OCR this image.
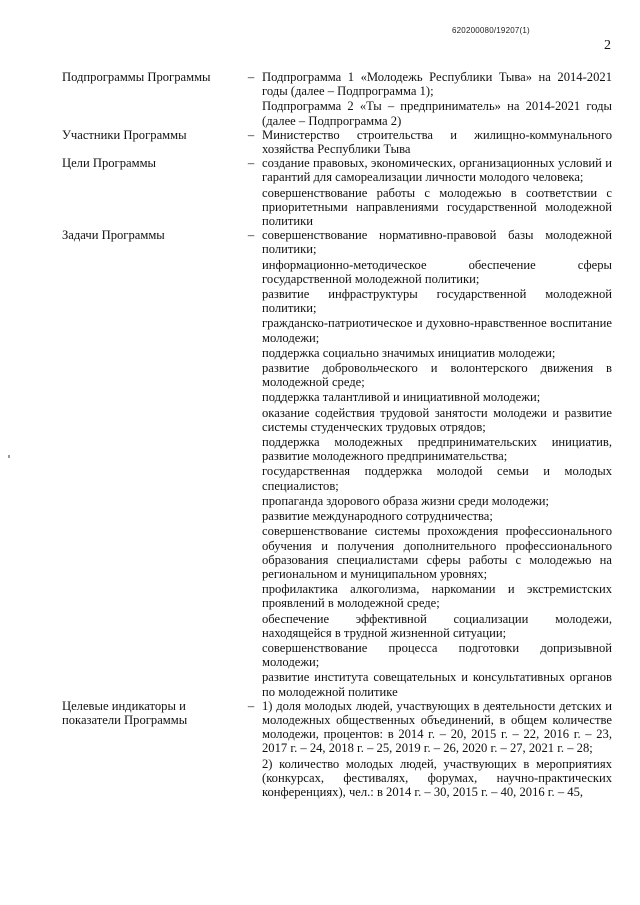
620200080/19207(1)
2
Подпрограммы Программы	– Подпрограмма 1 «Молодежь Республики Тыва» на 2014-2021 годы (далее – Подпрограмма 1);

Подпрограмма 2 «Ты – предприниматель» на 2014-2021 годы (далее – Подпрограмма 2)

Участники Программы	– Министерство строительства и жилищно-коммунального хозяйства Республики Тыва

Цели Программы	– создание правовых, экономических, организационных условий и гарантий для самореализации личности молодого человека;

совершенствование работы с молодежью в соответствии с приоритетными направлениями государственной молодежной политики

Задачи Программы	– совершенствование нормативно-правовой базы молодежной политики;

информационно-методическое обеспечение сферы государственной молодежной политики;

развитие инфраструктуры государственной молодежной политики;

гражданско-патриотическое и духовно-нравственное воспитание молодежи;

поддержка социально значимых инициатив молодежи;

развитие добровольческого и волонтерского движения в молодежной среде;

поддержка талантливой и инициативной молодежи;

оказание содействия трудовой занятости молодежи и развитие системы студенческих трудовых отрядов;

поддержка молодежных предпринимательских инициатив, развитие молодежного предпринимательства;

государственная поддержка молодой семьи и молодых специалистов;

пропаганда здорового образа жизни среди молодежи;

развитие международного сотрудничества;

совершенствование системы прохождения профессионального обучения и получения дополнительного профессионального образования специалистами сферы работы с молодежью на региональном и муниципальном уровнях;

профилактика алкоголизма, наркомании и экстремистских проявлений в молодежной среде;

обеспечение эффективной социализации молодежи, находящейся в трудной жизненной ситуации;

совершенствование процесса подготовки допризывной молодежи;

развитие института совещательных и консультативных органов по молодежной политике

Целевые индикаторы и показатели Программы
– 1) доля молодых людей, участвующих в деятельности детских и молодежных общественных объединений, в общем количестве молодежи, процентов: в 2014 г. – 20, 2015 г. – 22, 2016 г. – 23, 2017 г. – 24, 2018 г. – 25, 2019 г. – 26, 2020 г. – 27, 2021 г. – 28;

2) количество молодых людей, участвующих в мероприятиях (конкурсах, фестивалях, форумах, научно-практических конференциях), чел.: в 2014 г. – 30, 2015 г. – 40, 2016 г. – 45,
